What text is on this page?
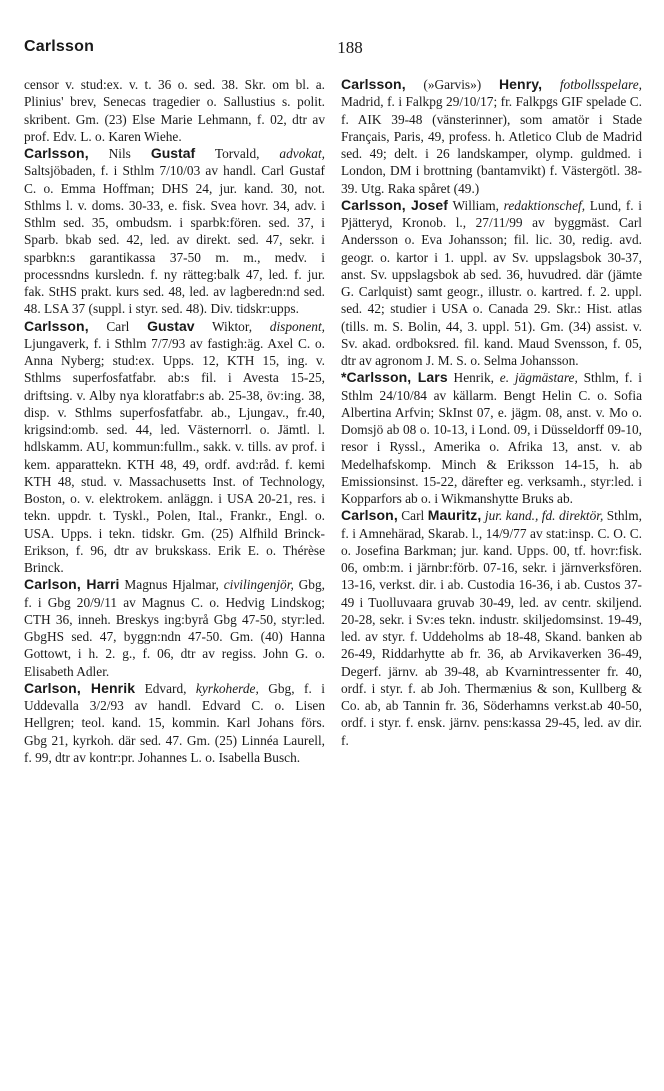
Carlsson	188

censor v. stud:ex. v. t. 36 o. sed. 38. Skr. om bl. a. Plinius' brev, Senecas tragedier o. Sallustius s. polit. skribent. Gm. (23) Else Marie Lehmann, f. 02, dtr av prof. Edv. L. o. Karen Wiehe.

Carlsson, Nils Gustaf Torvald, advokat, Saltsjöbaden, f. i Sthlm 7/10/03 av handl. Carl Gustaf C. o. Emma Hoffman; DHS 24, jur. kand. 30, not. Sthlms l. v. doms. 30-33, e. fisk. Svea hovr. 34, adv. i Sthlm sed. 35, ombudsm. i sparbk:fören. sed. 37, i Sparb. bkab sed. 42, led. av direkt. sed. 47, sekr. i sparbkn:s garantikassa 37-50 m. m., medv. i processndns kursledn. f. ny rätteg:balk 47, led. f. jur. fak. StHS prakt. kurs sed. 48, led. av lagberedn:nd sed. 48. LSA 37 (suppl. i styr. sed. 48). Div. tidskr:upps.

Carlsson, Carl Gustav Wiktor, disponent, Ljungaverk, f. i Sthlm 7/7/93 av fastigh:äg. Axel C. o. Anna Nyberg; stud:ex. Upps. 12, KTH 15, ing. v. Sthlms superfosfatfabr. ab:s fil. i Avesta 15-25, driftsing. v. Alby nya kloratfabr:s ab. 25-38, öv:ing. 38, disp. v. Sthlms superfosfatfabr. ab., Ljungav., fr.40, krigsind:omb. sed. 44, led. Västernorrl. o. Jämtl. l. hdlskamm. AU, kommun:fullm., sakk. v. tills. av prof. i kem. apparattekn. KTH 48, 49, ordf. avd:råd. f. kemi KTH 48, stud. v. Massachusetts Inst. of Technology, Boston, o. v. elektrokem. anläggn. i USA 20-21, res. i tekn. uppdr. t. Tyskl., Polen, Ital., Frankr., Engl. o. USA. Upps. i tekn. tidskr. Gm. (25) Alfhild Brinck-Erikson, f. 96, dtr av brukskass. Erik E. o. Thérèse Brinck.

Carlson, Harri Magnus Hjalmar, civilingenjör, Gbg, f. i Gbg 20/9/11 av Magnus C. o. Hedvig Lindskog; CTH 36, inneh. Breskys ing:byrå Gbg 47-50, styr:led. GbgHS sed. 47, byggn:ndn 47-50. Gm. (40) Hanna Gottowt, i h. 2. g., f. 06, dtr av regiss. John G. o. Elisabeth Adler.

Carlson, Henrik Edvard, kyrkoherde, Gbg, f. i Uddevalla 3/2/93 av handl. Edvard C. o. Lisen Hellgren; teol. kand. 15, kommin. Karl Johans förs. Gbg 21, kyrkoh. där sed. 47. Gm. (25) Linnéa Laurell, f. 99, dtr av kontr:pr. Johannes L. o. Isabella Busch.

Carlsson, (»Garvis») Henry, fotbollsspelare, Madrid, f. i Falkpg 29/10/17; fr. Falkpgs GIF spelade C. f. AIK 39-48 (vänsterinner), som amatör i Stade Français, Paris, 49, profess. h. Atletico Club de Madrid sed. 49; delt. i 26 landskamper, olymp. guldmed. i London, DM i brottning (bantamvikt) f. Västergötl. 38-39. Utg. Raka spåret (49.)

Carlsson, Josef William, redaktionschef, Lund, f. i Pjätteryd, Kronob. l., 27/11/99 av byggmäst. Carl Andersson o. Eva Johansson; fil. lic. 30, redig. avd. geogr. o. kartor i 1. uppl. av Sv. uppslagsbok 30-37, anst. Sv. uppslagsbok ab sed. 36, huvudred. där (jämte G. Carlquist) samt geogr., illustr. o. kartred. f. 2. uppl. sed. 42; studier i USA o. Canada 29. Skr.: Hist. atlas (tills. m. S. Bolin, 44, 3. uppl. 51). Gm. (34) assist. v. Sv. akad. ordboksred. fil. kand. Maud Svensson, f. 05, dtr av agronom J. M. S. o. Selma Johansson.

*Carlsson, Lars Henrik, e. jägmästare, Sthlm, f. i Sthlm 24/10/84 av källarm. Bengt Helin C. o. Sofia Albertina Arfvin; SkInst 07, e. jägm. 08, anst. v. Mo o. Domsjö ab 08 o. 10-13, i Lond. 09, i Düsseldorff 09-10, resor i Ryssl., Amerika o. Afrika 13, anst. v. ab Medelhafskomp. Minch & Eriksson 14-15, h. ab Emissionsinst. 15-22, därefter eg. verksamh., styr:led. i Kopparfors ab o. i Wikmanshytte Bruks ab.

Carlson, Carl Mauritz, jur. kand., fd. direktör, Sthlm, f. i Amnehärad, Skarab. l., 14/9/77 av stat:insp. C. O. C. o. Josefina Barkman; jur. kand. Upps. 00, tf. hovr:fisk. 06, omb:m. i järnbr:förb. 07-16, sekr. i järnverksfören. 13-16, verkst. dir. i ab. Custodia 16-36, i ab. Custos 37-49 i Tuolluvaara gruvab 30-49, led. av centr. skiljend. 20-28, sekr. i Sv:es tekn. industr. skiljedomsinst. 19-49, led. av styr. f. Uddeholms ab 18-48, Skand. banken ab 26-49, Riddarhytte ab fr. 36, ab Arvikaverken 36-49, Degerf. järnv. ab 39-48, ab Kvarnintressenter fr. 40, ordf. i styr. f. ab Joh. Thermænius & son, Kullberg & Co. ab, ab Tannin fr. 36, Söderhamns verkst.ab 40-50, ordf. i styr. f. ensk. järnv. pens:kassa 29-45, led. av dir. f.
